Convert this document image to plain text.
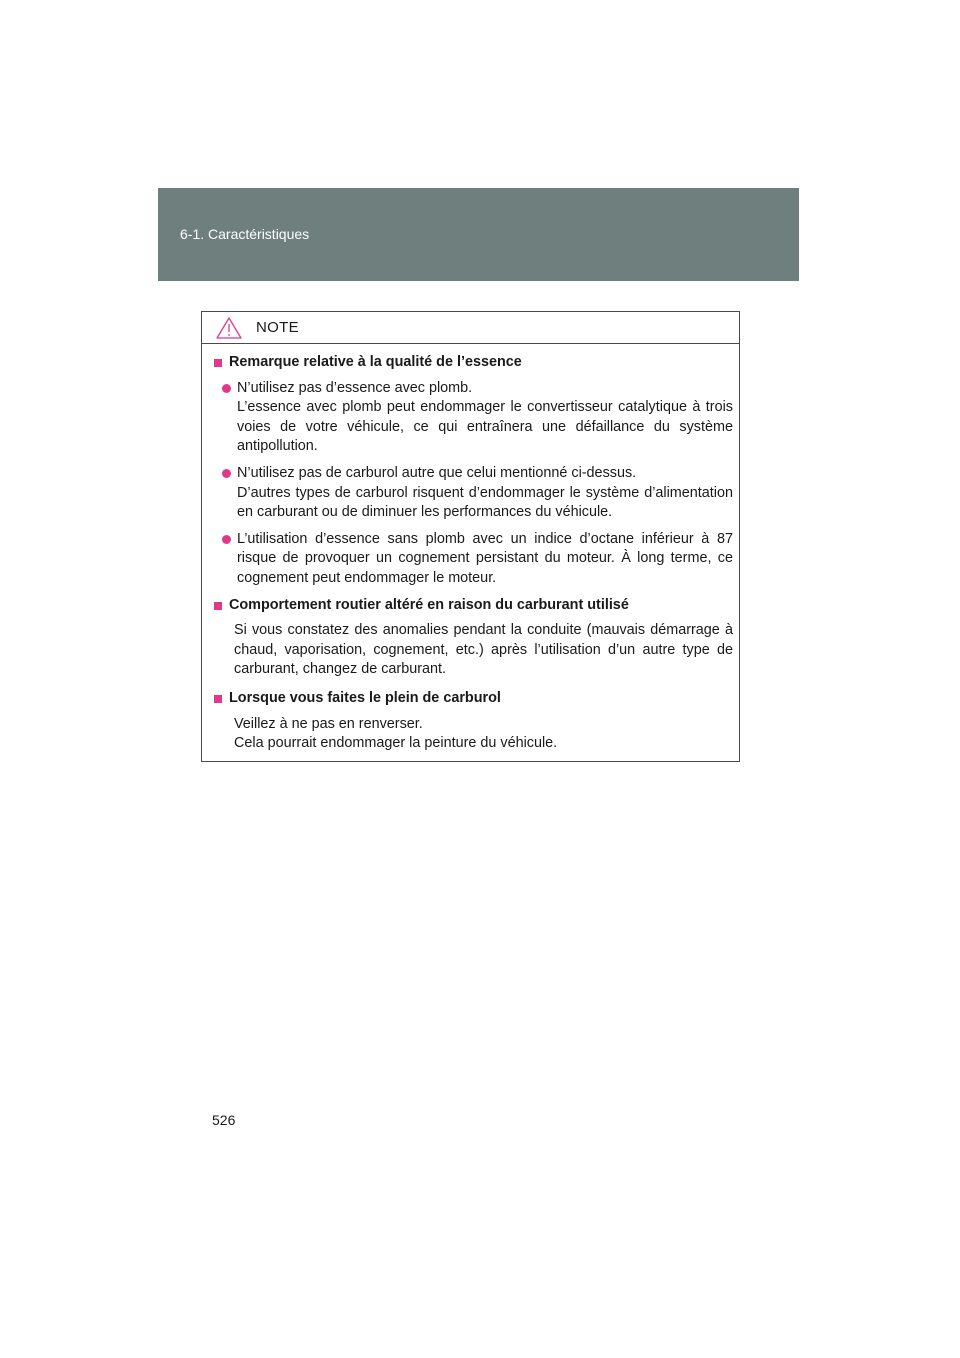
6-1. Caractéristiques
NOTE
Remarque relative à la qualité de l’essence
N’utilisez pas d’essence avec plomb.
L’essence avec plomb peut endommager le convertisseur catalytique à trois voies de votre véhicule, ce qui entraînera une défaillance du système antipollution.
N’utilisez pas de carburol autre que celui mentionné ci-dessus.
D’autres types de carburol risquent d’endommager le système d’alimentation en carburant ou de diminuer les performances du véhicule.
L’utilisation d’essence sans plomb avec un indice d’octane inférieur à 87 risque de provoquer un cognement persistant du moteur. À long terme, ce cognement peut endommager le moteur.
Comportement routier altéré en raison du carburant utilisé

Si vous constatez des anomalies pendant la conduite (mauvais démarrage à chaud, vaporisation, cognement, etc.) après l’utilisation d’un autre type de carburant, changez de carburant.

Lorsque vous faites le plein de carburol

Veillez à ne pas en renverser.
Cela pourrait endommager la peinture du véhicule.

526
